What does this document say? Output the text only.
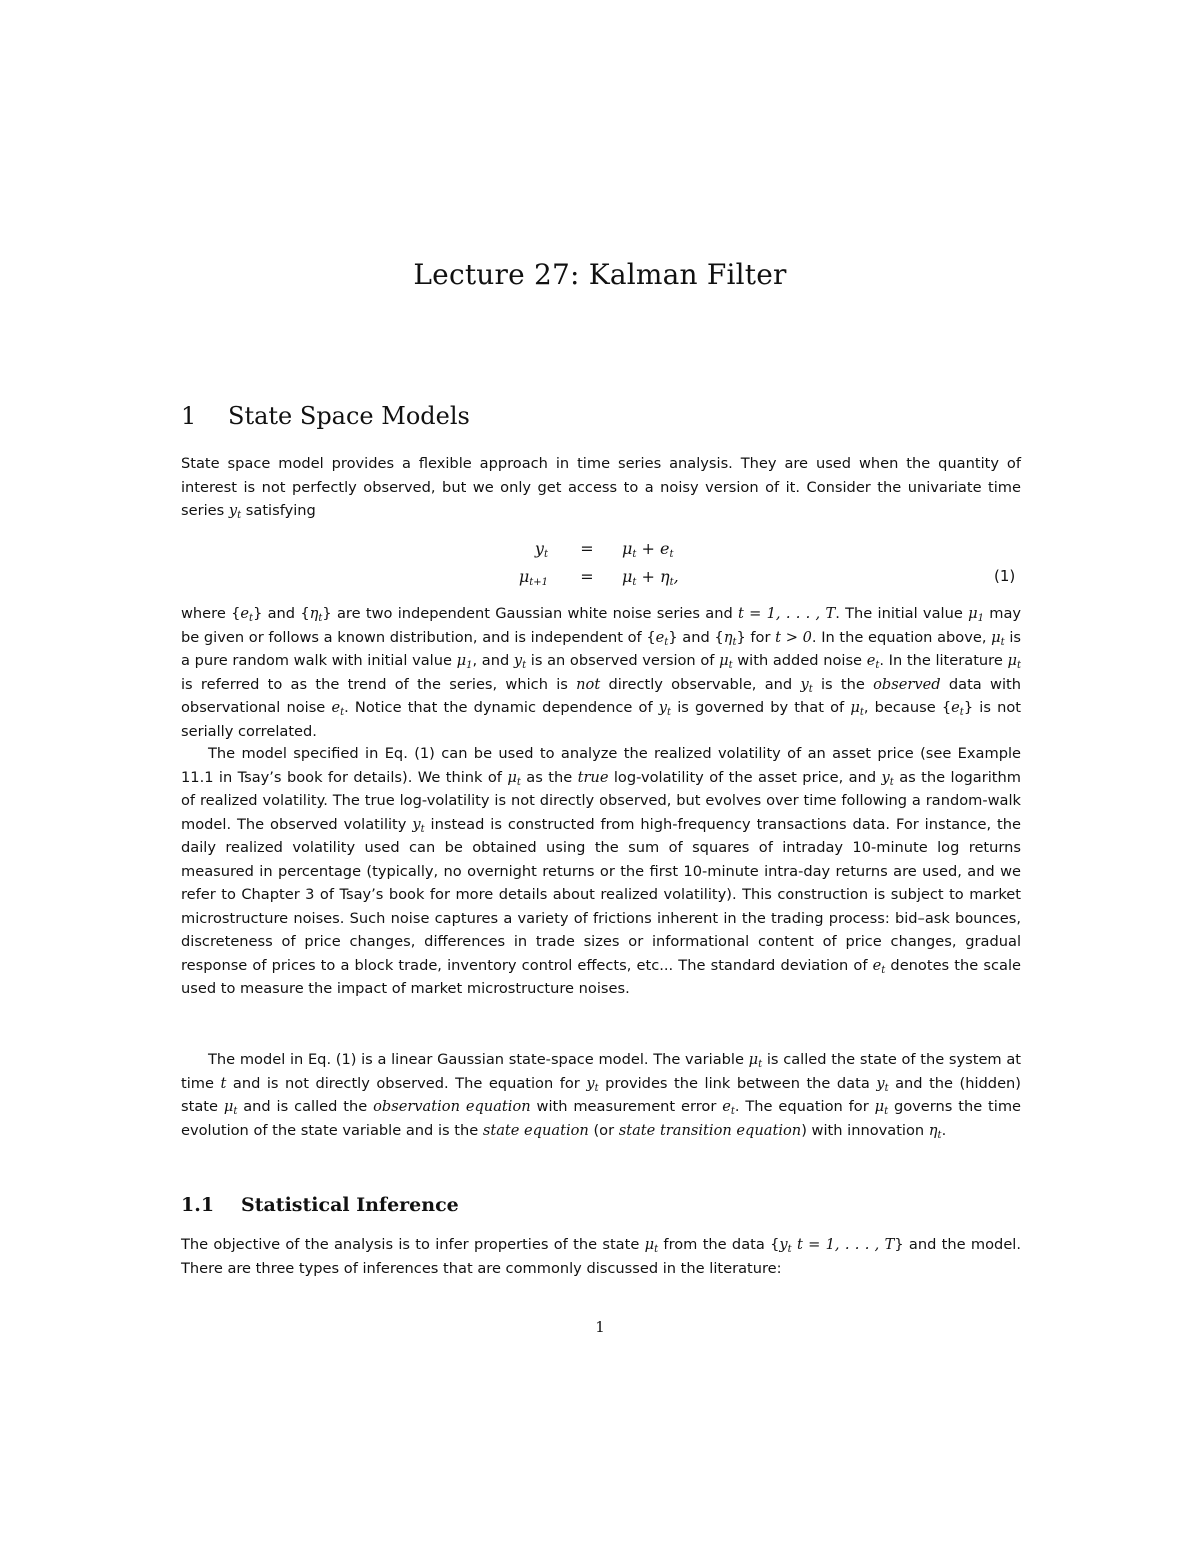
Lecture 27: Kalman Filter
1 State Space Models

State space model provides a flexible approach in time series analysis. They are used when the quantity of interest is not perfectly observed, but we only get access to a noisy version of it. Consider the univariate time series $y_t$ satisfying

$y_t = \mu_t + e_t$
$\mu_{t+1} = \mu_t + \eta_t$,	(1)

where $\{e_t\}$ and $\{\eta_t\}$ are two independent Gaussian white noise series and t = 1, . . . , T. The initial value $\mu_1$ may be given or follows a known distribution, and is independent of $\{e_t\}$ and $\{\eta_t\}$ for t > 0. In the equation above, $\mu_t$ is a pure random walk with initial value $\mu_1$, and $y_t$ is an observed version of $\mu_t$ with added noise $e_t$. In the literature $\mu_t$ is referred to as the trend of the series, which is not directly observable, and $y_t$ is the observed data with observational noise $e_t$. Notice that the dynamic dependence of $y_t$ is governed by that of $\mu_t$, because $\{e_t\}$ is not serially correlated.

The model specified in Eq. (1) can be used to analyze the realized volatility of an asset price (see Example 11.1 in Tsay’s book for details). We think of $\mu_t$ as the true log-volatility of the asset price, and $y_t$ as the logarithm of realized volatility. The true log-volatility is not directly observed, but evolves over time following a random-walk model. The observed volatility $y_t$ instead is constructed from high-frequency transactions data. For instance, the daily realized volatility used can be obtained using the sum of squares of intraday 10-minute log returns measured in percentage (typically, no overnight returns or the first 10-minute intra-day returns are used, and we refer to Chapter 3 of Tsay’s book for more details about realized volatility). This construction is subject to market microstructure noises. Such noise captures a variety of frictions inherent in the trading process: bid–ask bounces, discreteness of price changes, differences in trade sizes or informational content of price changes, gradual response of prices to a block trade, inventory control effects, etc... The standard deviation of $e_t$ denotes the scale used to measure the impact of market microstructure noises.

The model in Eq. (1) is a linear Gaussian state-space model. The variable $\mu_t$ is called the state of the system at time t and is not directly observed. The equation for $y_t$ provides the link between the data $y_t$ and the (hidden) state $\mu_t$ and is called the observation equation with measurement error $e_t$. The equation for $\mu_t$ governs the time evolution of the state variable and is the state equation (or state transition equation) with innovation $\eta_t$.

1.1 Statistical Inference

The objective of the analysis is to infer properties of the state $\mu_t$ from the data {$y_t$ t = 1, . . . , T} and the model. There are three types of inferences that are commonly discussed in the literature:

1
